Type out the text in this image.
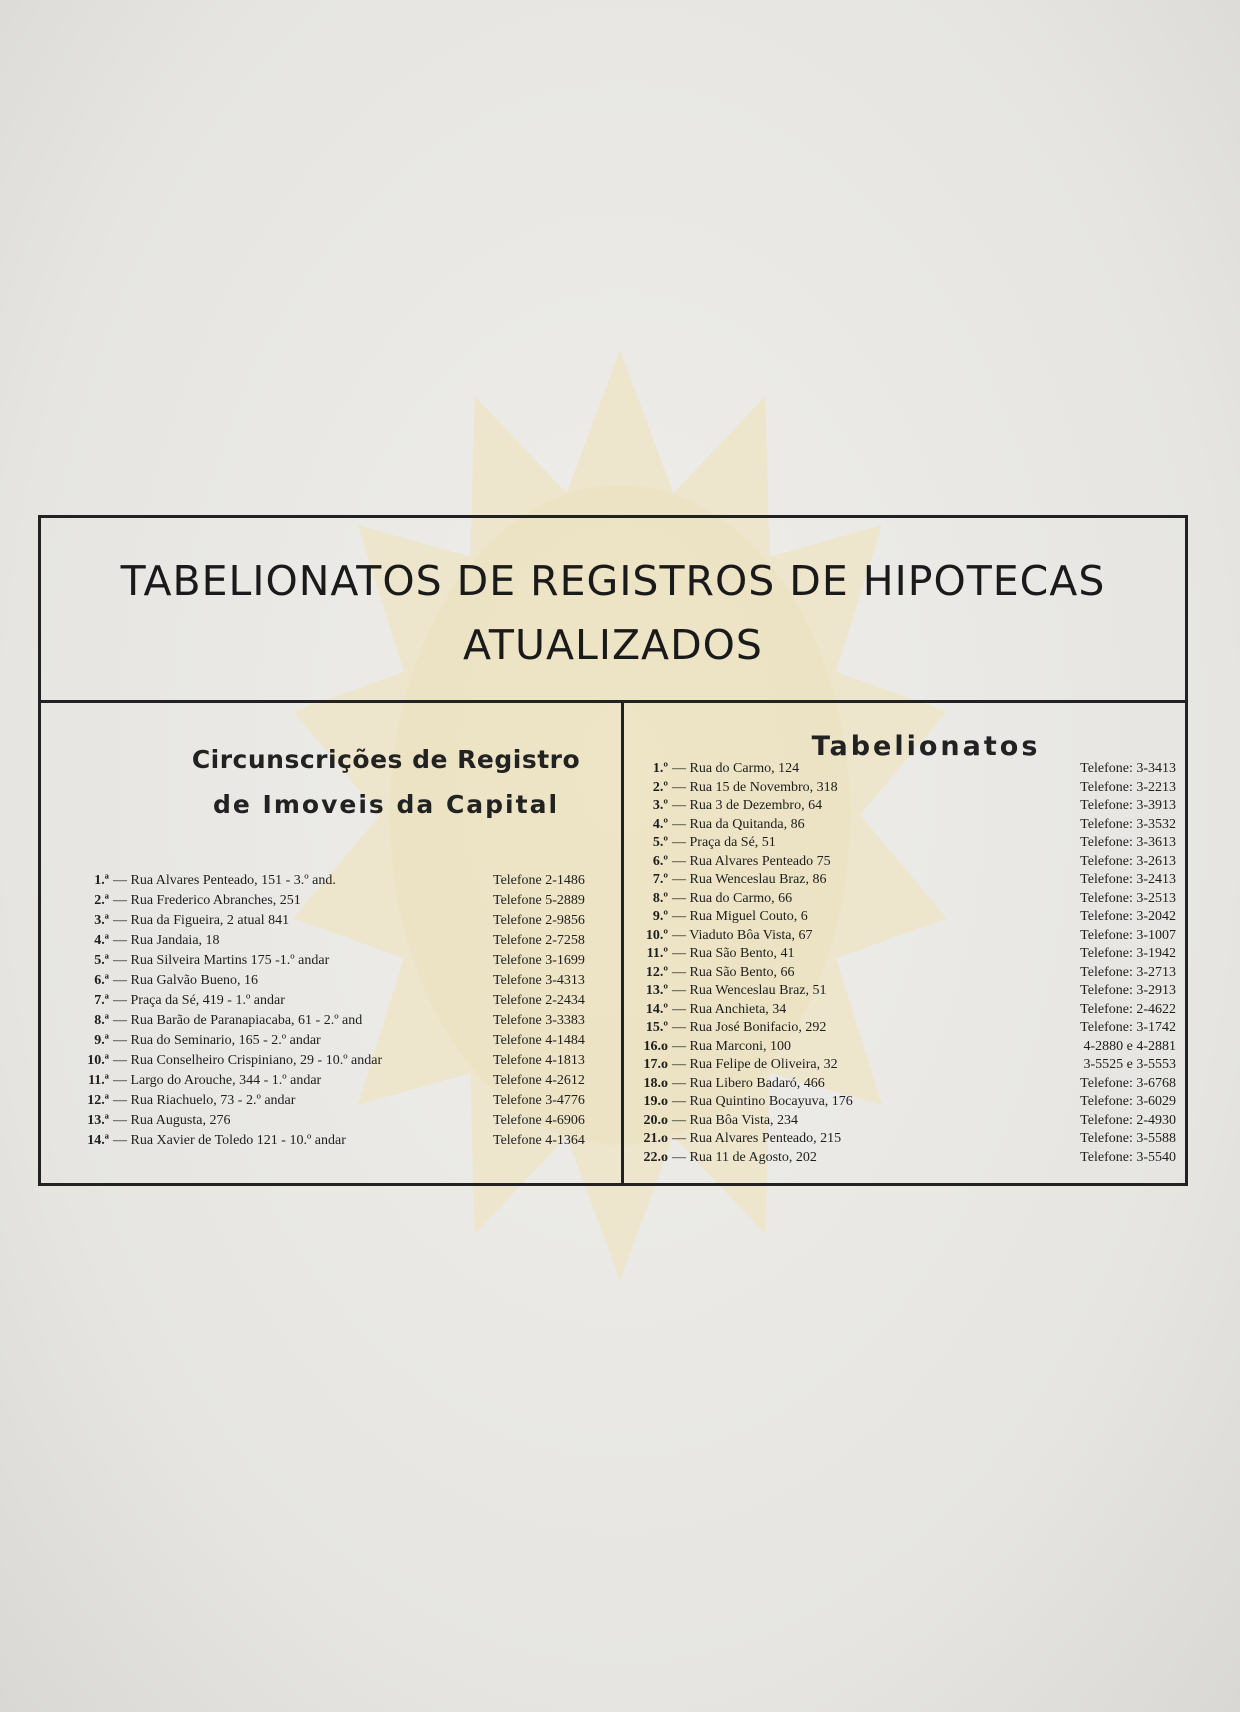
TABELIONATOS DE REGISTROS DE HIPOTECAS
ATUALIZADOS
Circunscrições de Registro
de Imoveis da Capital
1.ª — Rua Alvares Penteado, 151 - 3.º and.	Telefone 2-1486
2.ª — Rua Frederico Abranches, 251	Telefone 5-2889
3.ª — Rua da Figueira, 2 atual 841	Telefone 2-9856
4.ª — Rua Jandaia, 18	Telefone 2-7258
5.ª — Rua Silveira Martins 175 -1.º andar	Telefone 3-1699
6.ª — Rua Galvão Bueno, 16	Telefone 3-4313
7.ª — Praça da Sé, 419 - 1.º andar	Telefone 2-2434
8.ª — Rua Barão de Paranapiacaba, 61 - 2.º and	Telefone 3-3383
9.ª — Rua do Seminario, 165 - 2.º andar	Telefone 4-1484
10.ª — Rua Conselheiro Crispiniano, 29 - 10.º andar	Telefone 4-1813
11.ª — Largo do Arouche, 344 - 1.º andar	Telefone 4-2612
12.ª — Rua Riachuelo, 73 - 2.º andar	Telefone 3-4776
13.ª — Rua Augusta, 276	Telefone 4-6906
14.ª — Rua Xavier de Toledo 121 - 10.º andar	Telefone 4-1364
Tabelionatos
1.º — Rua do Carmo, 124	Telefone: 3-3413
2.º — Rua 15 de Novembro, 318	Telefone: 3-2213
3.º — Rua 3 de Dezembro, 64	Telefone: 3-3913
4.º — Rua da Quitanda, 86	Telefone: 3-3532
5.º — Praça da Sé, 51	Telefone: 3-3613
6.º — Rua Alvares Penteado 75	Telefone: 3-2613
7.º — Rua Wenceslau Braz, 86	Telefone: 3-2413
8.º — Rua do Carmo, 66	Telefone: 3-2513
9.º — Rua Miguel Couto, 6	Telefone: 3-2042
10.º — Viaduto Bôa Vista, 67	Telefone: 3-1007
11.º — Rua São Bento, 41	Telefone: 3-1942
12.º — Rua São Bento, 66	Telefone: 3-2713
13.º — Rua Wenceslau Braz, 51	Telefone: 3-2913
14.º — Rua Anchieta, 34	Telefone: 2-4622
15.º — Rua José Bonifacio, 292	Telefone: 3-1742
16.o — Rua Marconi, 100	4-2880 e 4-2881
17.o — Rua Felipe de Oliveira, 32	3-5525 e 3-5553
18.o — Rua Libero Badaró, 466	Telefone: 3-6768
19.o — Rua Quintino Bocayuva, 176	Telefone: 3-6029
20.o — Rua Bôa Vista, 234	Telefone: 2-4930
21.o — Rua Alvares Penteado, 215	Telefone: 3-5588
22.o — Rua 11 de Agosto, 202	Telefone: 3-5540
